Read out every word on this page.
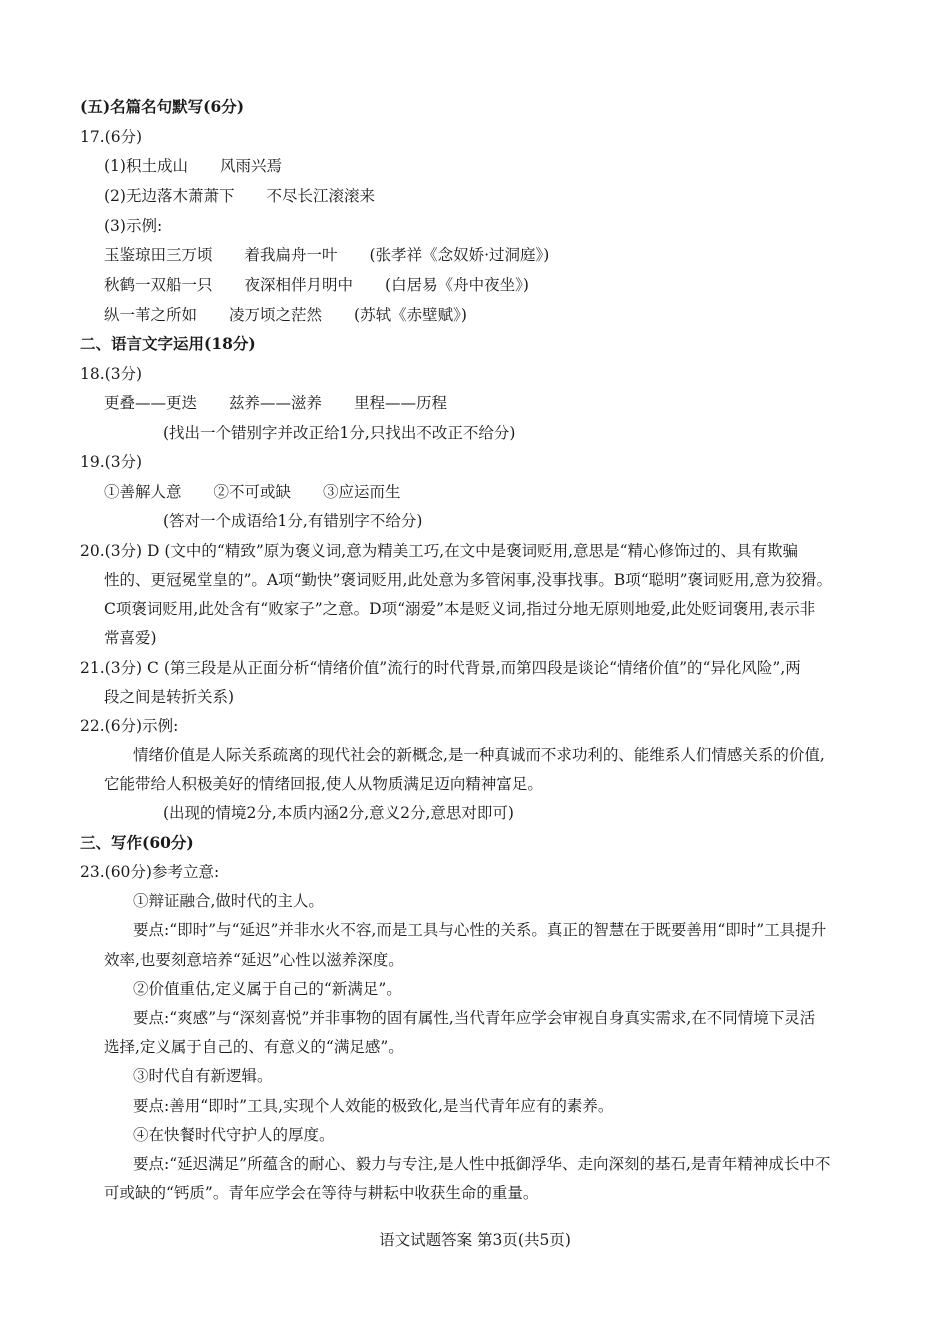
(五)名篇名句默写(6分)
17.(6分)
(1)积土成山 风雨兴焉
(2)无边落木萧萧下 不尽长江滚滚来
(3)示例:
玉鉴琼田三万顷 着我扁舟一叶 (张孝祥《念奴娇·过洞庭》)
秋鹤一双船一只 夜深相伴月明中 (白居易《舟中夜坐》)
纵一苇之所如 凌万顷之茫然 (苏轼《赤壁赋》)
二、语言文字运用(18分)
18.(3分)
更叠——更迭 兹养——滋养 里程——历程
(找出一个错别字并改正给1分,只找出不改正不给分)
19.(3分)
①善解人意 ②不可或缺 ③应运而生
(答对一个成语给1分,有错别字不给分)
20.(3分) D (文中的“精致”原为褒义词,意为精美工巧,在文中是褒词贬用,意思是“精心修饰过的、具有欺骗
性的、更冠冕堂皇的”。A项“勤快”褒词贬用,此处意为多管闲事,没事找事。B项“聪明”褒词贬用,意为狡猾。
C项褒词贬用,此处含有“败家子”之意。D项“溺爱”本是贬义词,指过分地无原则地爱,此处贬词褒用,表示非
常喜爱)
21.(3分) C (第三段是从正面分析“情绪价值”流行的时代背景,而第四段是谈论“情绪价值”的“异化风险”,两
段之间是转折关系)
22.(6分)示例:
情绪价值是人际关系疏离的现代社会的新概念,是一种真诚而不求功利的、能维系人们情感关系的价值,
它能带给人积极美好的情绪回报,使人从物质满足迈向精神富足。
(出现的情境2分,本质内涵2分,意义2分,意思对即可)
三、写作(60分)
23.(60分)参考立意:
①辩证融合,做时代的主人。
要点:“即时”与“延迟”并非水火不容,而是工具与心性的关系。真正的智慧在于既要善用“即时”工具提升
效率,也要刻意培养“延迟”心性以滋养深度。
②价值重估,定义属于自己的“新满足”。
要点:“爽感”与“深刻喜悦”并非事物的固有属性,当代青年应学会审视自身真实需求,在不同情境下灵活
选择,定义属于自己的、有意义的“满足感”。
③时代自有新逻辑。
要点:善用“即时”工具,实现个人效能的极致化,是当代青年应有的素养。
④在快餐时代守护人的厚度。
要点:“延迟满足”所蕴含的耐心、毅力与专注,是人性中抵御浮华、走向深刻的基石,是青年精神成长中不
可或缺的“钙质”。青年应学会在等待与耕耘中收获生命的重量。
语文试题答案 第3页(共5页)
